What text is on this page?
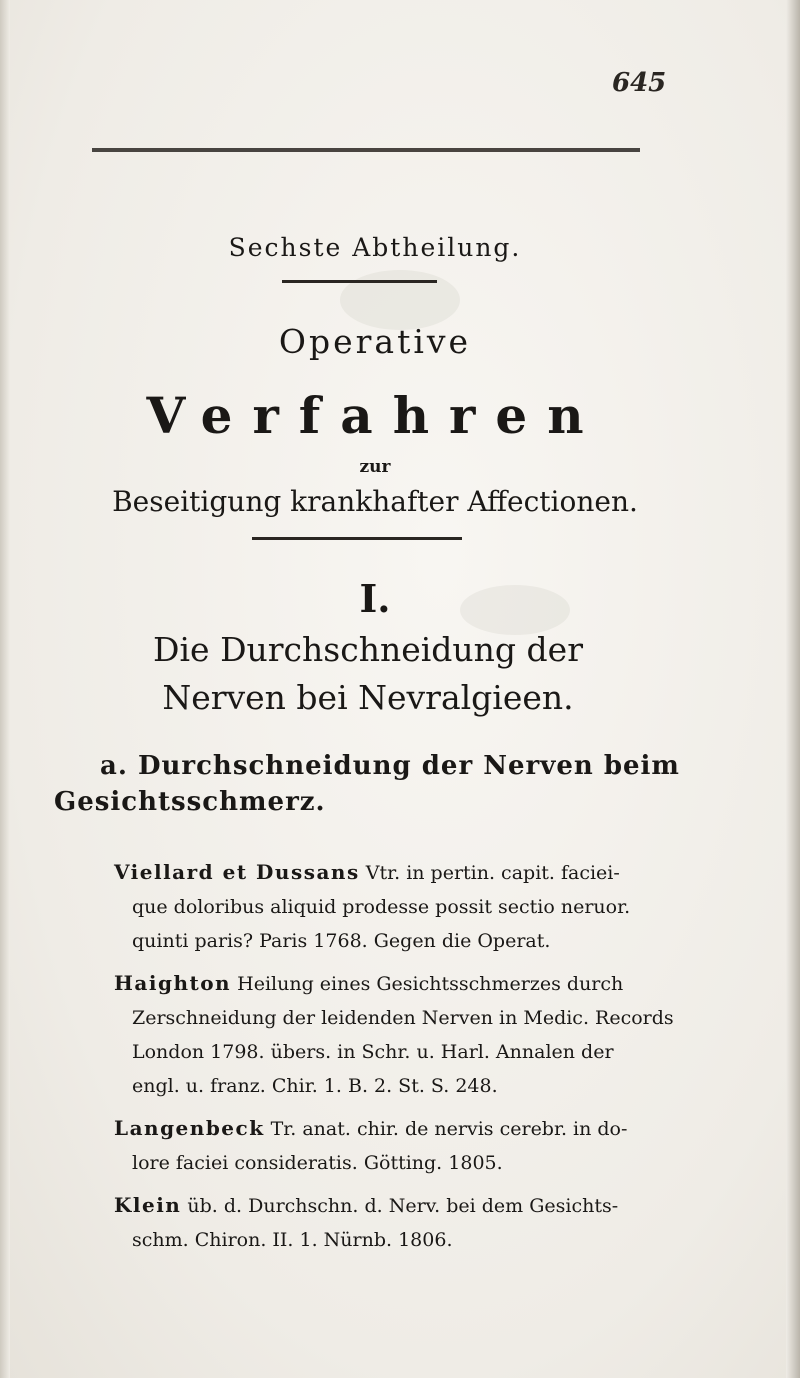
645
Sechste Abtheilung.
Operative
Verfahren
zur
Beseitigung krankhafter Affectionen.
I.
Die Durchschneidung der Nerven bei Nevralgieen.
a. Durchschneidung der Nerven beim
Gesichtsschmerz.
Viellard et Dussans Vtr. in pertin. capit. faciei-
que doloribus aliquid prodesse possit sectio neruor.
quinti paris? Paris 1768. Gegen die Operat.
Haighton Heilung eines Gesichtsschmerzes durch
Zerschneidung der leidenden Nerven in Medic. Records
London 1798. übers. in Schr. u. Harl. Annalen der
engl. u. franz. Chir. 1. B. 2. St. S. 248.
Langenbeck Tr. anat. chir. de nervis cerebr. in do-
lore faciei consideratis. Götting. 1805.
Klein üb. d. Durchschn. d. Nerv. bei dem Gesichts-
schm. Chiron. II. 1. Nürnb. 1806.
